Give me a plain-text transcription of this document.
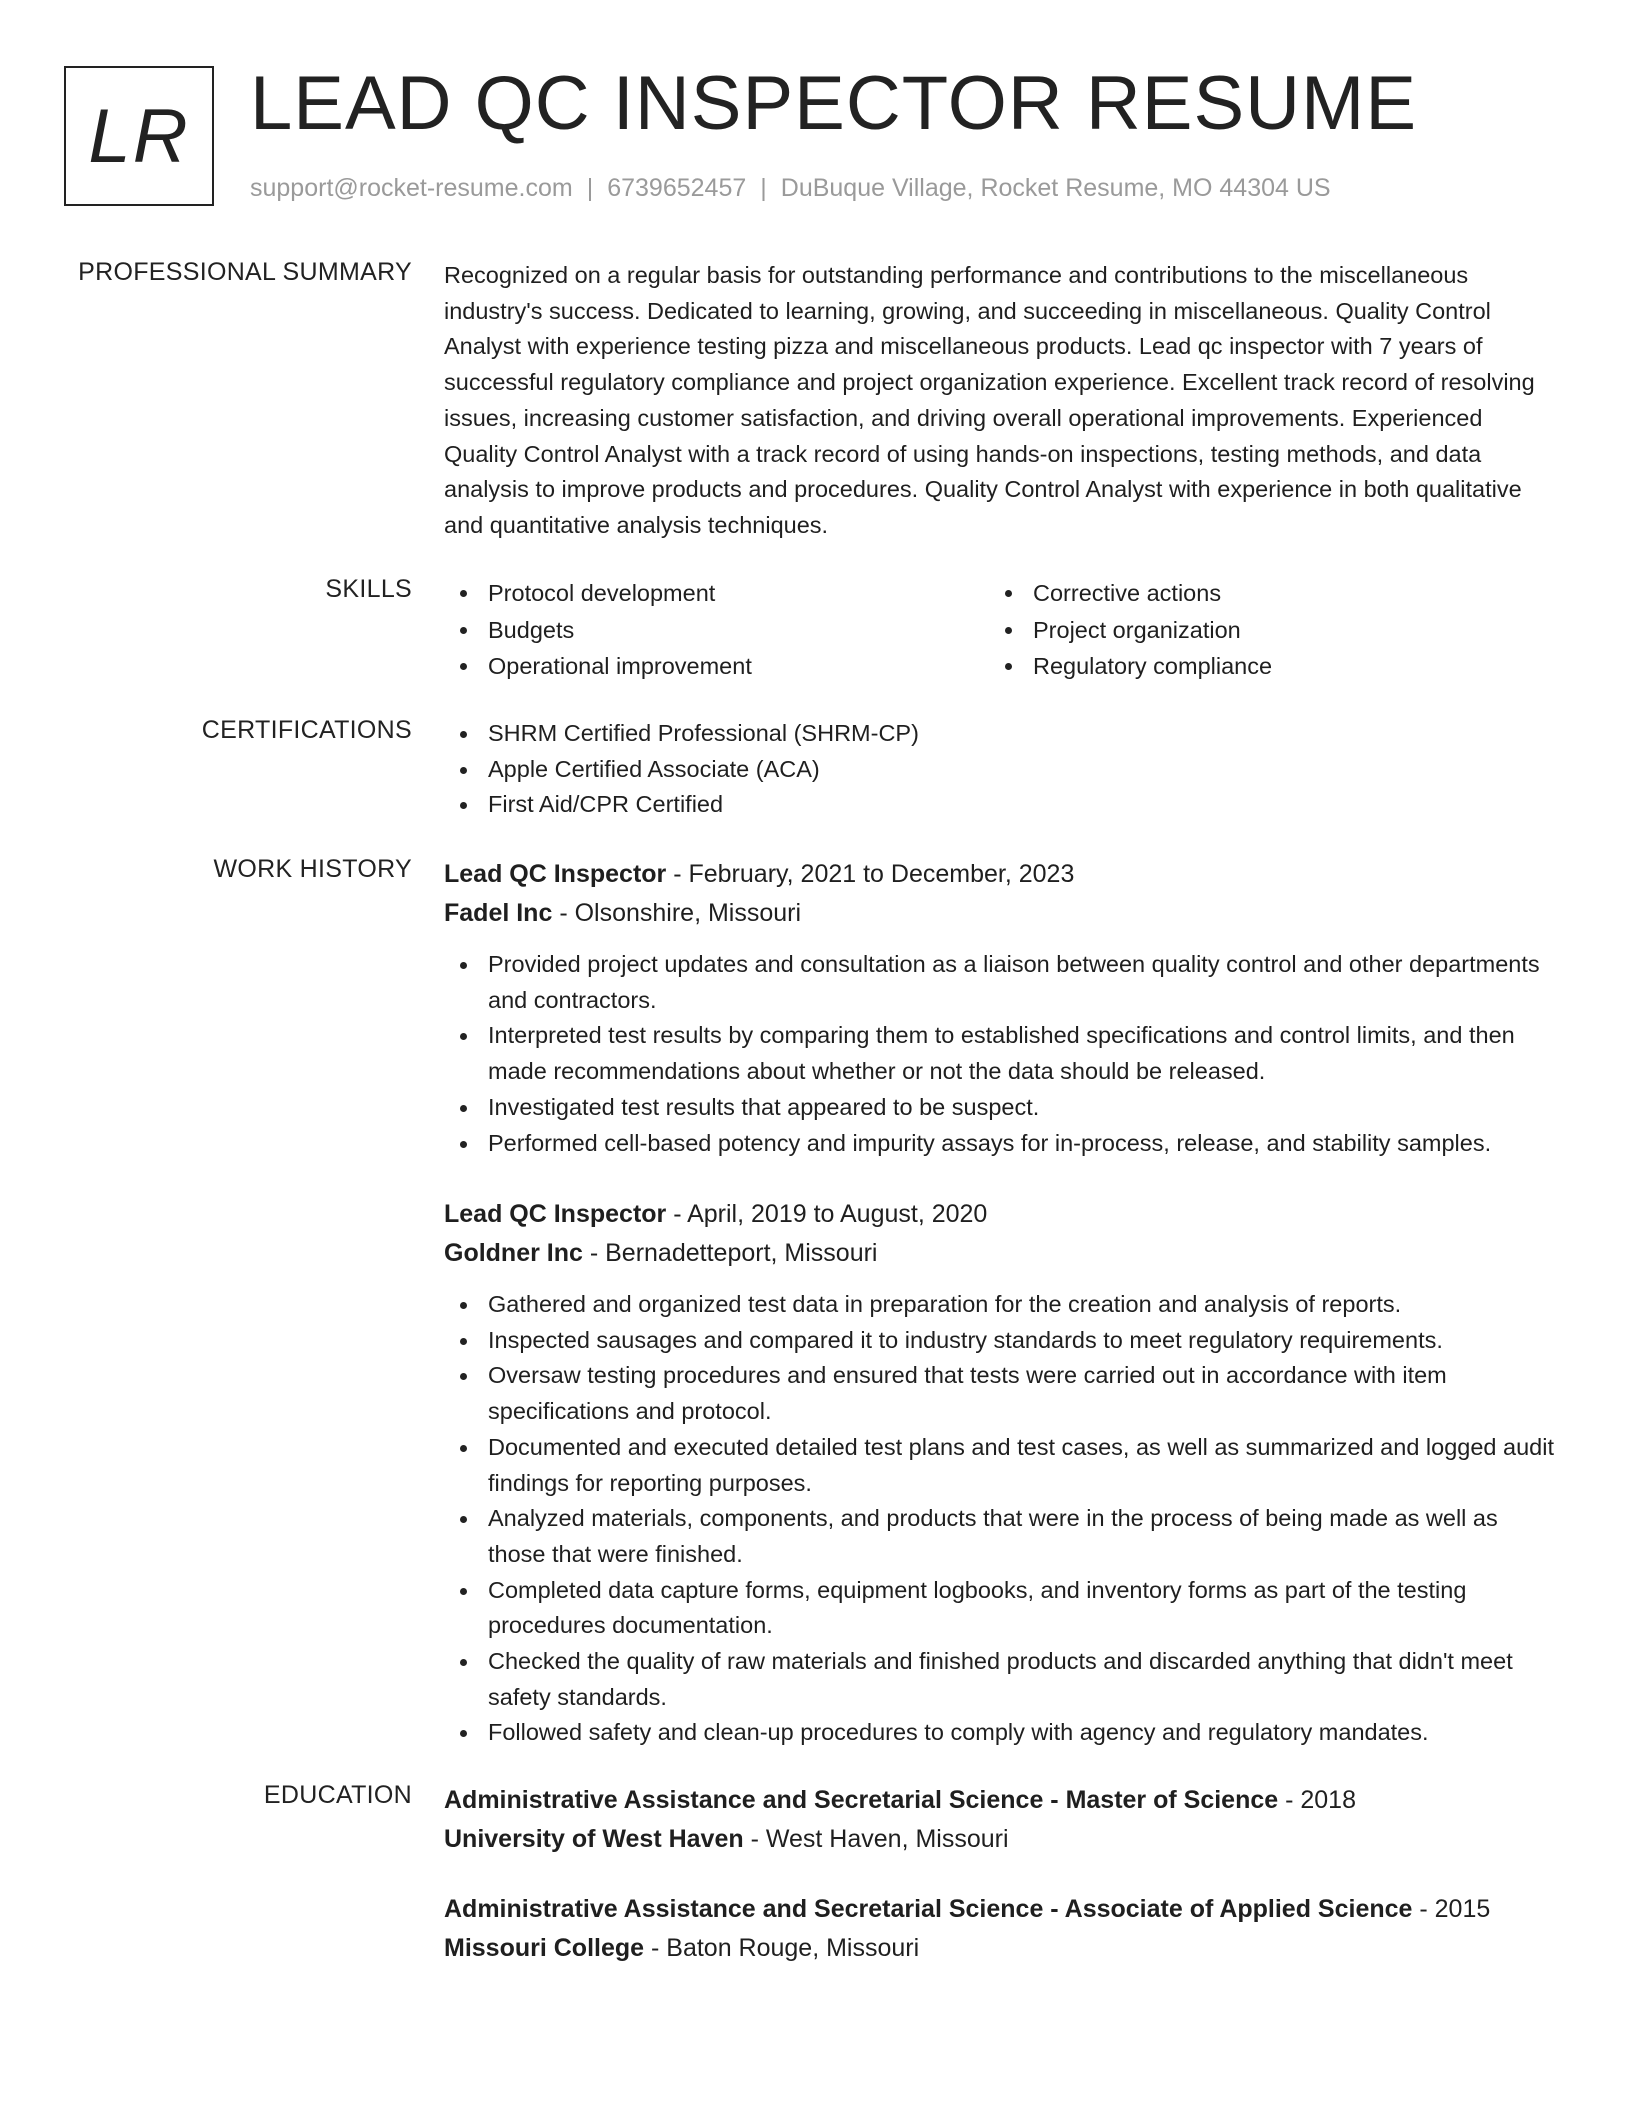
LR LEAD QC INSPECTOR RESUME
support@rocket-resume.com | 6739652457 | DuBuque Village, Rocket Resume, MO 44304 US
PROFESSIONAL SUMMARY Recognized on a regular basis for outstanding performance and contributions to the miscellaneous industry's success. Dedicated to learning, growing, and succeeding in miscellaneous. Quality Control Analyst with experience testing pizza and miscellaneous products. Lead qc inspector with 7 years of successful regulatory compliance and project organization experience. Excellent track record of resolving issues, increasing customer satisfaction, and driving overall operational improvements. Experienced Quality Control Analyst with a track record of using hands-on inspections, testing methods, and data analysis to improve products and procedures. Quality Control Analyst with experience in both qualitative and quantitative analysis techniques.

SKILLS	Protocol development
Budgets
Operational improvement
Corrective actions
Project organization
Regulatory compliance
CERTIFICATIONS	SHRM Certified Professional (SHRM-CP)
Apple Certified Associate (ACA)
First Aid/CPR Certified
WORK HISTORY Lead QC Inspector - February, 2021 to December, 2023
Fadel Inc - Olsonshire, Missouri
Provided project updates and consultation as a liaison between quality control and other departments and contractors.
Interpreted test results by comparing them to established specifications and control limits, and then made recommendations about whether or not the data should be released.
Investigated test results that appeared to be suspect.
Performed cell-based potency and impurity assays for in-process, release, and stability samples.
Lead QC Inspector - April, 2019 to August, 2020
Goldner Inc - Bernadetteport, Missouri
Gathered and organized test data in preparation for the creation and analysis of reports.
Inspected sausages and compared it to industry standards to meet regulatory requirements.
Oversaw testing procedures and ensured that tests were carried out in accordance with item specifications and protocol.
Documented and executed detailed test plans and test cases, as well as summarized and logged audit findings for reporting purposes.
Analyzed materials, components, and products that were in the process of being made as well as those that were finished.
Completed data capture forms, equipment logbooks, and inventory forms as part of the testing procedures documentation.
Checked the quality of raw materials and finished products and discarded anything that didn't meet safety standards.
Followed safety and clean-up procedures to comply with agency and regulatory mandates.
EDUCATION Administrative Assistance and Secretarial Science - Master of Science - 2018
University of West Haven - West Haven, Missouri
Administrative Assistance and Secretarial Science - Associate of Applied Science - 2015
Missouri College - Baton Rouge, Missouri
